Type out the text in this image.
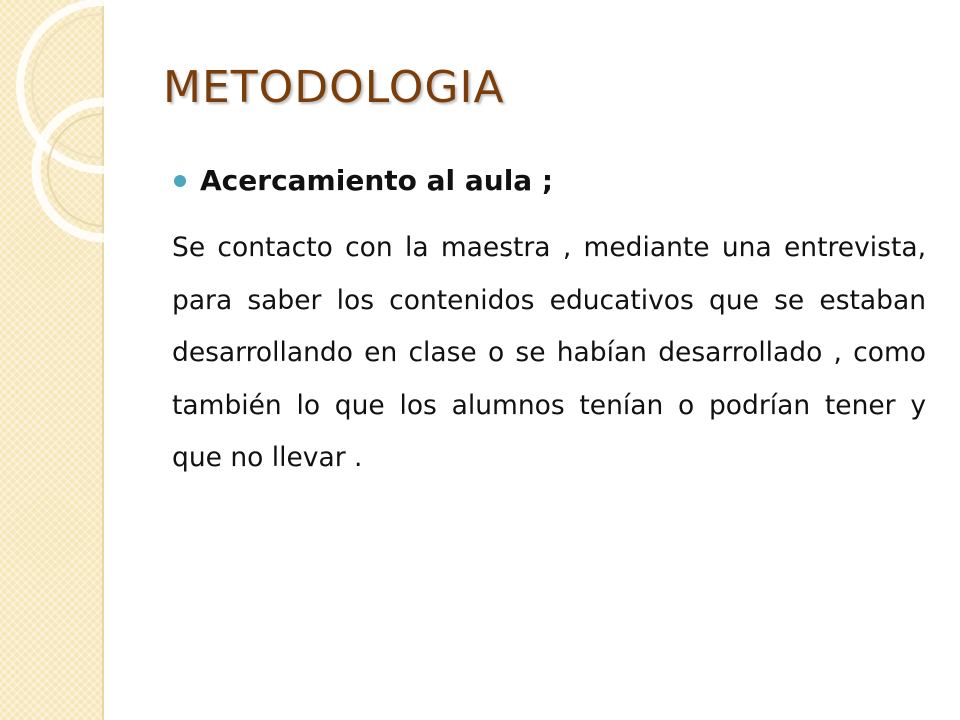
METODOLOGIA
Acercamiento al aula ;

Se contacto con la maestra , mediante una entrevista, para saber los contenidos educativos que se estaban desarrollando en clase o se habían desarrollado , como también lo que los alumnos tenían o podrían tener y que no llevar .
